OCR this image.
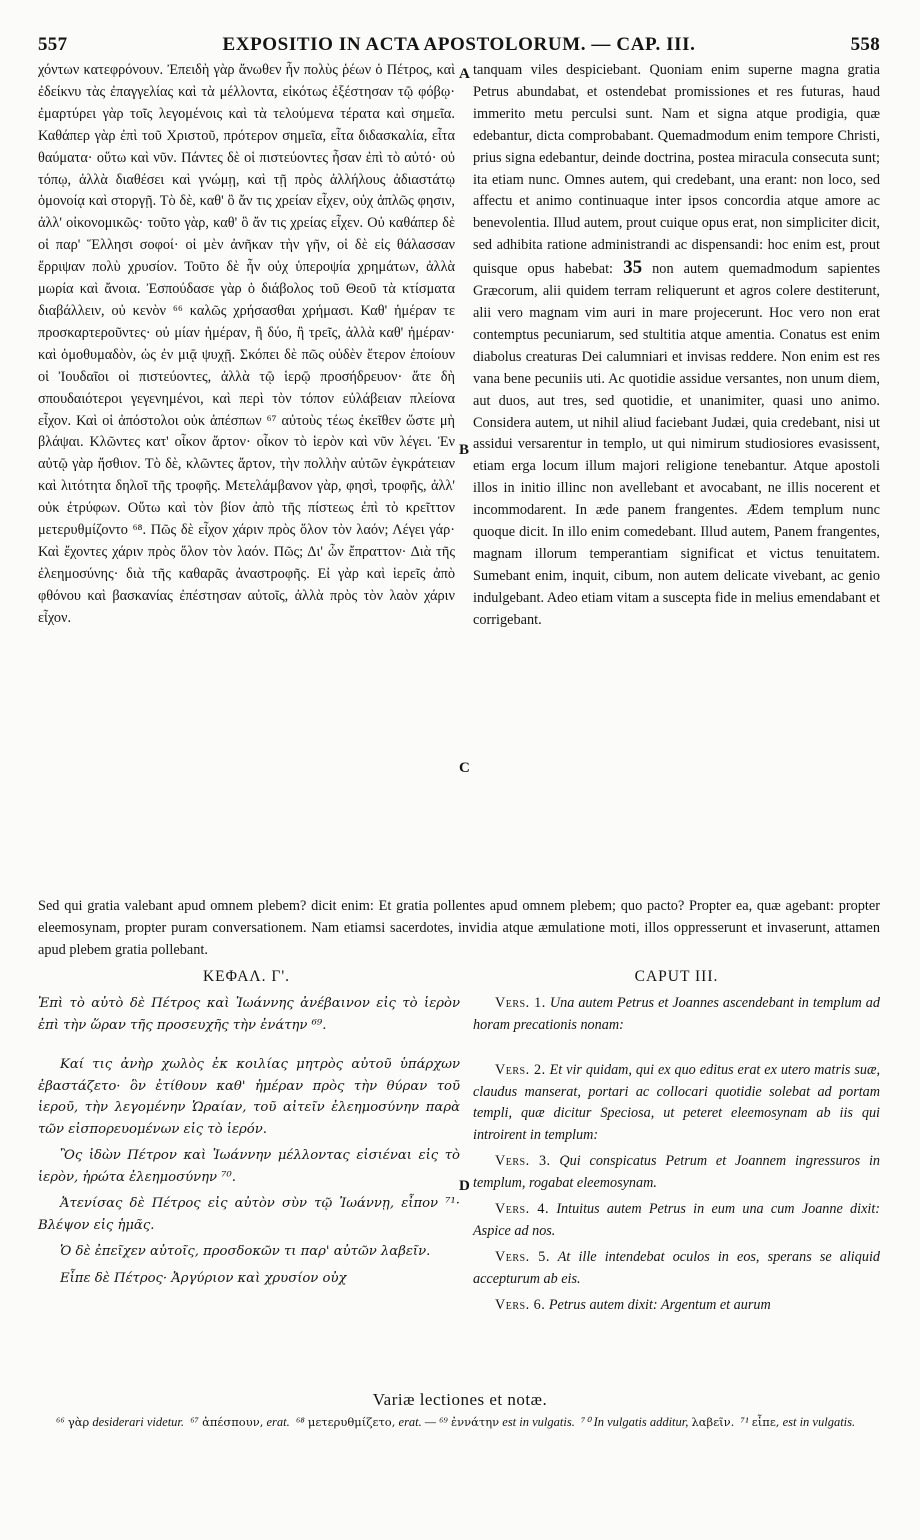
557	EXPOSITIO IN ACTA APOSTOLORUM. — CAP. III.	558
χόντων κατεφρόνουν. Ἐπειδὴ γὰρ ἄνωθεν ἦν πολὺς ῥέων ὁ Πέτρος, καὶ ἐδείκνυ τὰς ἐπαγγελίας καὶ τὰ μέλλοντα, εἰκότως ἐξέστησαν τῷ φόβῳ· ἐμαρτύρει γὰρ τοῖς λεγομένοις καὶ τὰ τελούμενα τέρατα καὶ σημεῖα. Καθάπερ γὰρ ἐπὶ τοῦ Χριστοῦ, πρότερον σημεῖα, εἶτα διδασκαλία, εἶτα θαύματα· οὕτω καὶ νῦν. Πάντες δὲ οἱ πιστεύοντες ἦσαν ἐπὶ τὸ αὐτό· οὐ τόπῳ, ἀλλὰ διαθέσει καὶ γνώμῃ, καὶ τῇ πρὸς ἀλλήλους ἀδιαστάτῳ ὁμονοίᾳ καὶ στοργῇ. Τὸ δὲ, καθ' ὃ ἄν τις χρείαν εἶχεν, οὐχ ἁπλῶς φησιν, ἀλλ' οἰκονομικῶς· τοῦτο γὰρ, καθ' ὃ ἄν τις χρείας εἶχεν. Οὐ καθάπερ δὲ οἱ παρ' Ἕλλησι σοφοί· οἱ μὲν ἀνῆκαν τὴν γῆν, οἱ δὲ εἰς θάλασσαν ἔρριψαν πολὺ χρυσίον. Τοῦτο δὲ ἦν οὐχ ὑπεροψία χρημάτων, ἀλλὰ μωρία καὶ ἄνοια. Ἐσπούδασε γὰρ ὁ διάβολος τοῦ Θεοῦ τὰ κτίσματα διαβάλλειν, οὐ κενὸν ⁶⁶ καλῶς χρήσασθαι χρήμασι. Καθ' ἡμέραν τε προσκαρτεροῦντες· οὐ μίαν ἡμέραν, ἢ δύο, ἢ τρεῖς, ἀλλὰ καθ' ἡμέραν· καὶ ὁμοθυμαδὸν, ὡς ἐν μιᾷ ψυχῇ. Σκόπει δὲ πῶς οὐδὲν ἕτερον ἐποίουν οἱ Ἰουδαῖοι οἱ πιστεύοντες, ἀλλὰ τῷ ἱερῷ προσήδρευον· ἅτε δὴ σπουδαιότεροι γεγενημένοι, καὶ περὶ τὸν τόπον εὐλάβειαν πλείονα εἶχον. Καὶ οἱ ἀπόστολοι οὐκ ἀπέσπων ⁶⁷ αὐτοὺς τέως ἐκεῖθεν ὥστε μὴ βλάψαι. Κλῶντες κατ' οἶκον ἄρτον· οἶκον τὸ ἱερὸν καὶ νῦν λέγει. Ἐν αὐτῷ γὰρ ἤσθιον. Τὸ δὲ, κλῶντες ἄρτον, τὴν πολλὴν αὐτῶν ἐγκράτειαν καὶ λιτότητα δηλοῖ τῆς τροφῆς. Μετελάμβανον γὰρ, φησὶ, τροφῆς, ἀλλ' οὐκ ἐτρύφων. Οὕτω καὶ τὸν βίον ἀπὸ τῆς πίστεως ἐπὶ τὸ κρεῖττον μετερυθμίζοντο ⁶⁸. Πῶς δὲ εἶχον χάριν πρὸς ὅλον τὸν λαόν; Λέγει γάρ· Καὶ ἔχοντες χάριν πρὸς ὅλον τὸν λαόν. Πῶς; Δι' ὧν ἔπραττον· Διὰ τῆς ἐλεημοσύνης· διὰ τῆς καθαρᾶς ἀναστροφῆς. Εἰ γὰρ καὶ ἱερεῖς ἀπὸ φθόνου καὶ βασκανίας ἐπέστησαν αὐτοῖς, ἀλλὰ πρὸς τὸν λαὸν χάριν εἶχον.
tanquam viles despiciebant. Quoniam enim superne magna gratia Petrus abundabat, et ostendebat promissiones et res futuras, haud immerito metu perculsi sunt. Nam et signa atque prodigia, quæ edebantur, dicta comprobabant. Quemadmodum enim tempore Christi, prius signa edebantur, deinde doctrina, postea miracula consecuta sunt; ita etiam nunc. Omnes autem, qui credebant, una erant: non loco, sed affectu et animo continuaque inter ipsos concordia atque amore ac benevolentia. Illud autem, prout cuique opus erat, non simpliciter dicit, sed adhibita ratione administrandi ac dispensandi: hoc enim est, prout quisque opus habebat: 35 non autem quemadmodum sapientes Græcorum, alii quidem terram reliquerunt et agros colere destiterunt, alii vero magnam vim auri in mare projecerunt. Hoc vero non erat contemptus pecuniarum, sed stultitia atque amentia. Conatus est enim diabolus creaturas Dei calumniari et invisas reddere. Non enim est res vana bene pecuniis uti. Ac quotidie assidue versantes, non unum diem, aut duos, aut tres, sed quotidie, et unanimiter, quasi uno animo. Considera autem, ut nihil aliud faciebant Judæi, quia credebant, nisi ut assidui versarentur in templo, ut qui nimirum studiosiores evasissent, etiam erga locum illum majori religione tenebantur. Atque apostoli illos in initio illinc non avellebant et avocabant, ne illis nocerent et incommodarent. In æde panem frangentes. Ædem templum nunc quoque dicit. In illo enim comedebant. Illud autem, Panem frangentes, magnam illorum temperantiam significat et victus tenuitatem. Sumebant enim, inquit, cibum, non autem delicate vivebant, ac genio indulgebant. Adeo etiam vitam a suscepta fide in melius emendabant et corrigebant.
A
B
C
D
Sed qui gratia valebant apud omnem plebem? dicit enim: Et gratia pollentes apud omnem plebem; quo pacto? Propter ea, quæ agebant: propter eleemosynam, propter puram conversationem. Nam etiamsi sacerdotes, invidia atque æmulatione moti, illos oppresserunt et invaserunt, attamen apud plebem gratia pollebant.
ΚΕΦΑΛ. Γ'.	CAPUT III.

Ἐπὶ τὸ αὐτὸ δὲ Πέτρος καὶ Ἰωάννης ἀνέβαινον εἰς τὸ ἱερὸν ἐπὶ τὴν ὥραν τῆς προσευχῆς τὴν ἐνάτην ⁶⁹.

Καί τις ἀνὴρ χωλὸς ἐκ κοιλίας μητρὸς αὐτοῦ ὑπάρχων ἐβαστάζετο· ὃν ἐτίθουν καθ' ἡμέραν πρὸς τὴν θύραν τοῦ ἱεροῦ, τὴν λεγομένην Ὡραίαν, τοῦ αἰτεῖν ἐλεημοσύνην παρὰ τῶν εἰσπορευομένων εἰς τὸ ἱερόν.

Ὃς ἰδὼν Πέτρον καὶ Ἰωάννην μέλλοντας εἰσιέναι εἰς τὸ ἱερὸν, ἠρώτα ἐλεημοσύνην ⁷⁰.

Ἀτενίσας δὲ Πέτρος εἰς αὐτὸν σὺν τῷ Ἰωάννῃ, εἶπον ⁷¹· Βλέψον εἰς ἡμᾶς.

Ὁ δὲ ἐπεῖχεν αὐτοῖς, προσδοκῶν τι παρ' αὐτῶν λαβεῖν.

Εἶπε δὲ Πέτρος· Ἀργύριον καὶ χρυσίον οὐχ

Vers. 1. Una autem Petrus et Joannes ascendebant in templum ad horam precationis nonam:

Vers. 2. Et vir quidam, qui ex quo editus erat ex utero matris suæ, claudus manserat, portari ac collocari quotidie solebat ad portam templi, quæ dicitur Speciosa, ut peteret eleemosynam ab iis qui introirent in templum:

Vers. 3. Qui conspicatus Petrum et Joannem ingressuros in templum, rogabat eleemosynam.

Vers. 4. Intuitus autem Petrus in eum una cum Joanne dixit: Aspice ad nos.

Vers. 5. At ille intendebat oculos in eos, sperans se aliquid accepturum ab eis.

Vers. 6. Petrus autem dixit: Argentum et aurum

Variæ lectiones et notæ.
⁶⁶ γὰρ desiderari videtur. ⁶⁷ ἀπέσπουν, erat. ⁶⁸ μετερυθμίζετο, erat. — ⁶⁹ ἐννάτην est in vulgatis. ⁷⁰ In vulgatis additur, λαβεῖν. ⁷¹ εἶπε, est in vulgatis.
